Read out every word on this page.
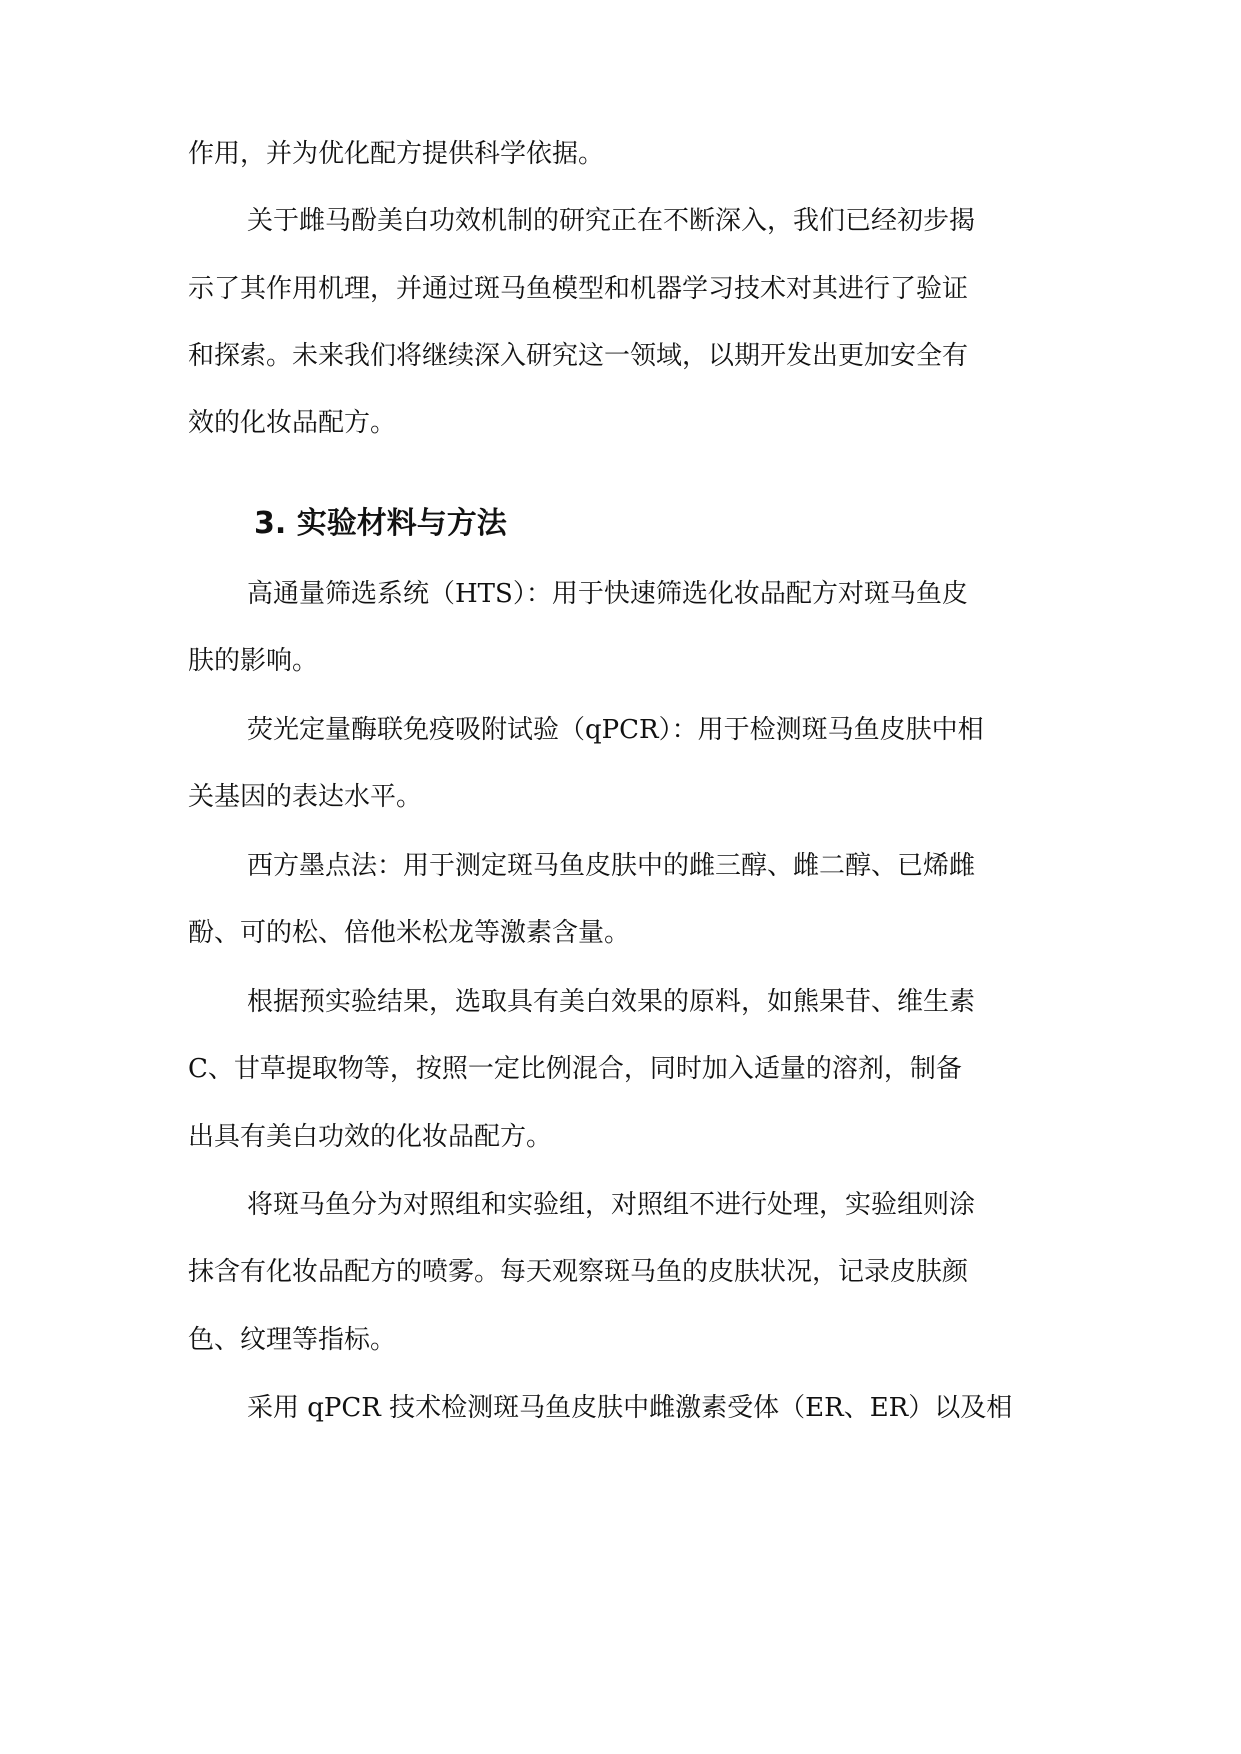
作用，并为优化配方提供科学依据。
关于雌马酚美白功效机制的研究正在不断深入，我们已经初步揭
示了其作用机理，并通过斑马鱼模型和机器学习技术对其进行了验证
和探索。未来我们将继续深入研究这一领域，以期开发出更加安全有
效的化妆品配方。
3. 实验材料与方法
高通量筛选系统（HTS）：用于快速筛选化妆品配方对斑马鱼皮
肤的影响。
荧光定量酶联免疫吸附试验（qPCR）：用于检测斑马鱼皮肤中相
关基因的表达水平。
西方墨点法：用于测定斑马鱼皮肤中的雌三醇、雌二醇、已烯雌
酚、可的松、倍他米松龙等激素含量。
根据预实验结果，选取具有美白效果的原料，如熊果苷、维生素
C、甘草提取物等，按照一定比例混合，同时加入适量的溶剂，制备
出具有美白功效的化妆品配方。
将斑马鱼分为对照组和实验组，对照组不进行处理，实验组则涂
抹含有化妆品配方的喷雾。每天观察斑马鱼的皮肤状况，记录皮肤颜
色、纹理等指标。
采用 qPCR 技术检测斑马鱼皮肤中雌激素受体（ER、ER）以及相
